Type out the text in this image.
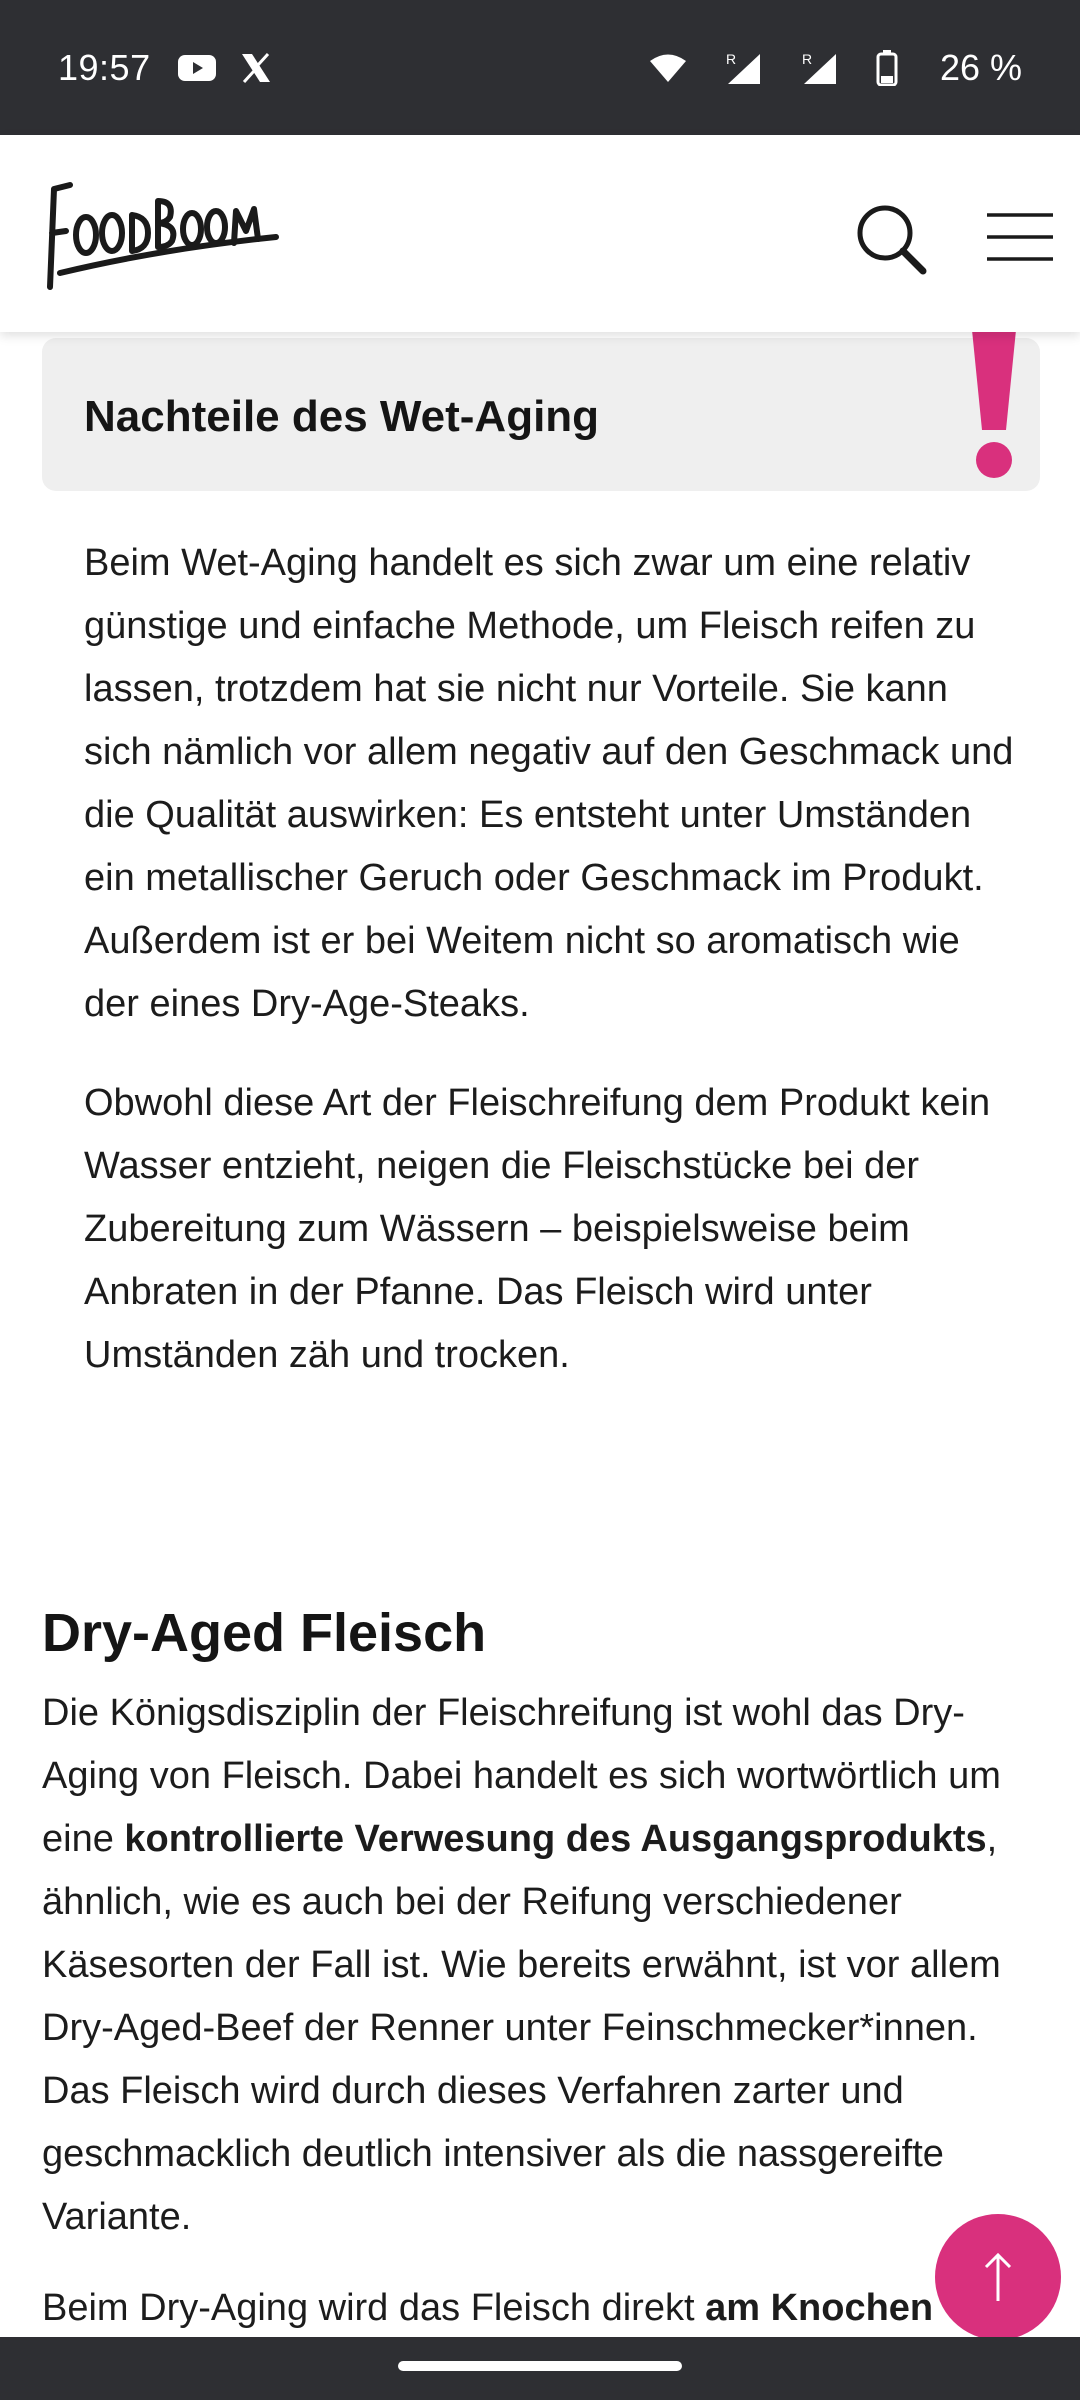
19:57	R	R	26 %
Nachteile des Wet-Aging

Beim Wet-Aging handelt es sich zwar um eine relativ günstige und einfache Methode, um Fleisch reifen zu lassen, trotzdem hat sie nicht nur Vorteile. Sie kann sich nämlich vor allem negativ auf den Geschmack und die Qualität auswirken: Es entsteht unter Umständen ein metallischer Geruch oder Geschmack im Produkt. Außerdem ist er bei Weitem nicht so aromatisch wie der eines Dry-Age-Steaks.

Obwohl diese Art der Fleischreifung dem Produkt kein Wasser entzieht, neigen die Fleischstücke bei der Zubereitung zum Wässern – beispielsweise beim Anbraten in der Pfanne. Das Fleisch wird unter Umständen zäh und trocken.

Dry-Aged Fleisch

Die Königsdisziplin der Fleischreifung ist wohl das Dry-Aging von Fleisch. Dabei handelt es sich wortwörtlich um eine kontrollierte Verwesung des Ausgangsprodukts, ähnlich, wie es auch bei der Reifung verschiedener Käsesorten der Fall ist. Wie bereits erwähnt, ist vor allem Dry-Aged-Beef der Renner unter Feinschmecker*innen. Das Fleisch wird durch dieses Verfahren zarter und geschmacklich deutlich intensiver als die nassgereifte Variante.

Beim Dry-Aging wird das Fleisch direkt am Knochen
